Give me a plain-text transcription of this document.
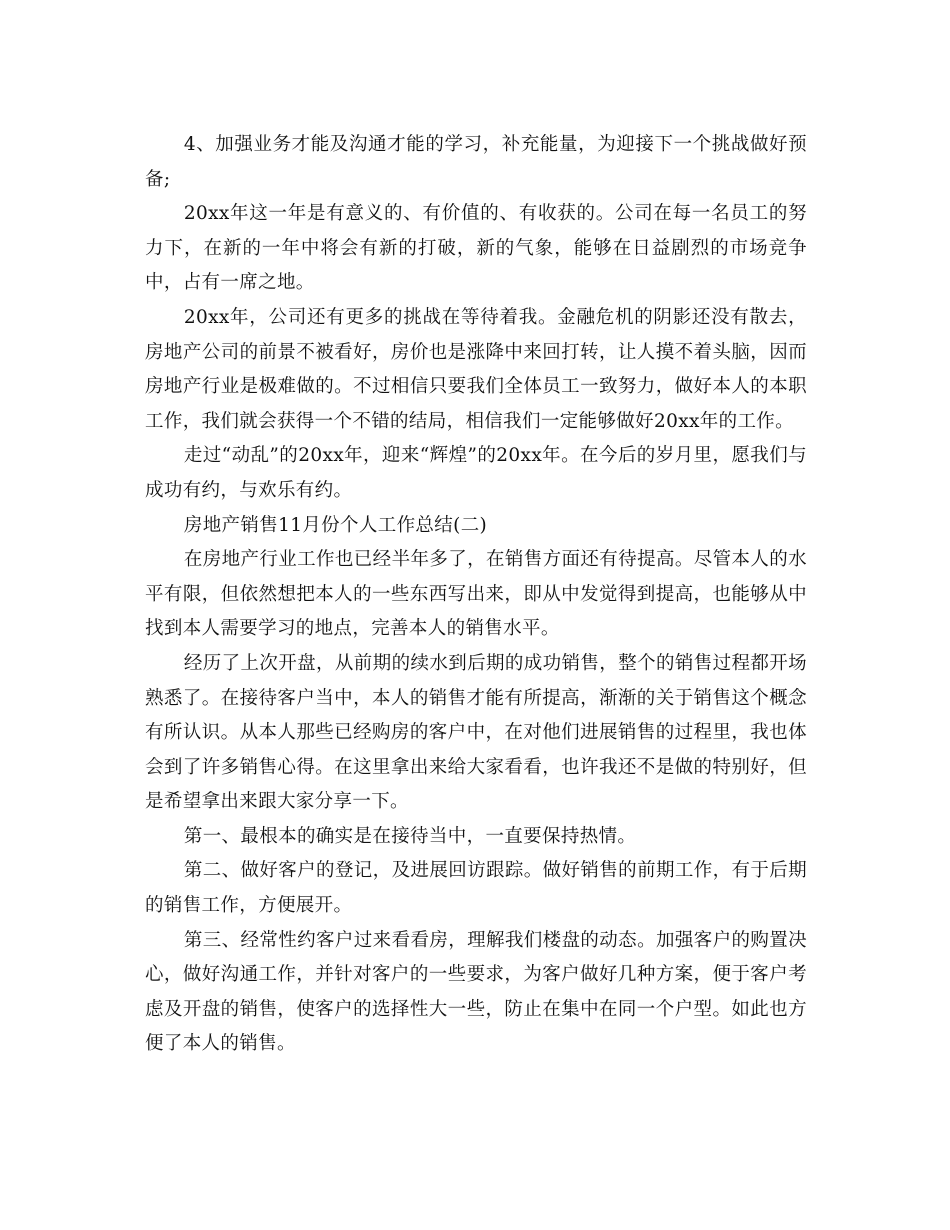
4、加强业务才能及沟通才能的学习，补充能量，为迎接下一个挑战做好预备;

20xx年这一年是有意义的、有价值的、有收获的。公司在每一名员工的努力下，在新的一年中将会有新的打破，新的气象，能够在日益剧烈的市场竞争中，占有一席之地。

20xx年，公司还有更多的挑战在等待着我。金融危机的阴影还没有散去，房地产公司的前景不被看好，房价也是涨降中来回打转，让人摸不着头脑，因而房地产行业是极难做的。不过相信只要我们全体员工一致努力，做好本人的本职工作，我们就会获得一个不错的结局，相信我们一定能够做好20xx年的工作。

走过“动乱”的20xx年，迎来“辉煌”的20xx年。在今后的岁月里，愿我们与成功有约，与欢乐有约。

房地产销售11月份个人工作总结(二)

在房地产行业工作也已经半年多了，在销售方面还有待提高。尽管本人的水平有限，但依然想把本人的一些东西写出来，即从中发觉得到提高，也能够从中找到本人需要学习的地点，完善本人的销售水平。

经历了上次开盘，从前期的续水到后期的成功销售，整个的销售过程都开场熟悉了。在接待客户当中，本人的销售才能有所提高，渐渐的关于销售这个概念有所认识。从本人那些已经购房的客户中，在对他们进展销售的过程里，我也体会到了许多销售心得。在这里拿出来给大家看看，也许我还不是做的特别好，但是希望拿出来跟大家分享一下。

第一、最根本的确实是在接待当中，一直要保持热情。

第二、做好客户的登记，及进展回访跟踪。做好销售的前期工作，有于后期的销售工作，方便展开。

第三、经常性约客户过来看看房，理解我们楼盘的动态。加强客户的购置决心，做好沟通工作，并针对客户的一些要求，为客户做好几种方案，便于客户考虑及开盘的销售，使客户的选择性大一些，防止在集中在同一个户型。如此也方便了本人的销售。
